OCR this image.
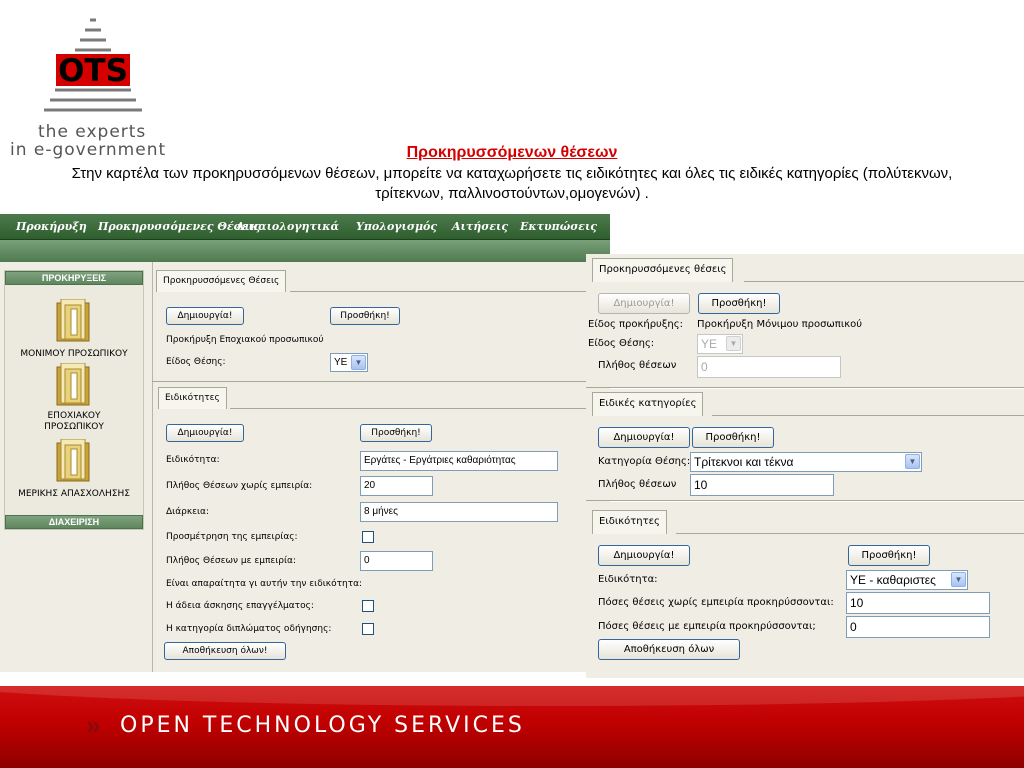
OTS
the experts
in e-government	Προκηρυσσόμενων θέσεων
Στην καρτέλα των προκηρυσσόμενων θέσεων, μπορείτε να καταχωρήσετε τις ειδικότητες και όλες τις ειδικές κατηγορίες (πολύτεκνων, τρίτεκνων, παλλινοστούντων,ομογενών) .
Προκήρυξη Προκηρυσσόμενες Θέσεις
Δικαιολογητικά Υπολογισμός Αιτήσεις Εκτυπώσεις
ΠΡΟΚΗΡΥΞΕΙΣ
ΜΟΝΙΜΟΥ ΠΡΟΣΩΠΙΚΟΥ
ΕΠΟΧΙΑΚΟΥ ΠΡΟΣΩΠΙΚΟΥ
ΜΕΡΙΚΗΣ ΑΠΑΣΧΟΛΗΣΗΣ
ΔΙΑΧΕΙΡΙΣΗ
Προκηρυσσόμενες Θέσεις
Δημιουργία!	Προσθήκη!
Προκήρυξη Εποχιακού προσωπικού
Είδος Θέσης:	ΥΕ ▼
Ειδικότητες
Δημιουργία!	Προσθήκη!
Ειδικότητα:	Εργάτες - Εργάτριες καθαριότητας
Πλήθος Θέσεων χωρίς εμπειρία:	20
Διάρκεια:	8 μήνες
Προσμέτρηση της εμπειρίας:
Πλήθος Θέσεων με εμπειρία:	0
Είναι απαραίτητα γι αυτήν την ειδικότητα:
Η άδεια άσκησης επαγγέλματος:
Η κατηγορία διπλώματος οδήγησης:
Αποθήκευση όλων!
Προκηρυσσόμενες θέσεις
Δημιουργία!	Προσθήκη!
Είδος προκήρυξης: Προκήρυξη Μόνιμου προσωπικού
Είδος Θέσης:	ΥΕ	▼
Πλήθος θέσεων	0
Ειδικές κατηγορίες
Δημιουργία!	Προσθήκη!
Κατηγορία Θέσης: Τρίτεκνοι και τέκνα	▼
Πλήθος θέσεων	10
Ειδικότητες
Δημιουργία!	Προσθήκη!
Ειδικότητα:	ΥΕ - καθαριστες	▼
Πόσες θέσεις χωρίς εμπειρία προκηρύσσονται:	10
Πόσες θέσεις με εμπειρία προκηρύσσονται;	0
Αποθήκευση όλων
» OPEN TECHNOLOGY SERVICES
